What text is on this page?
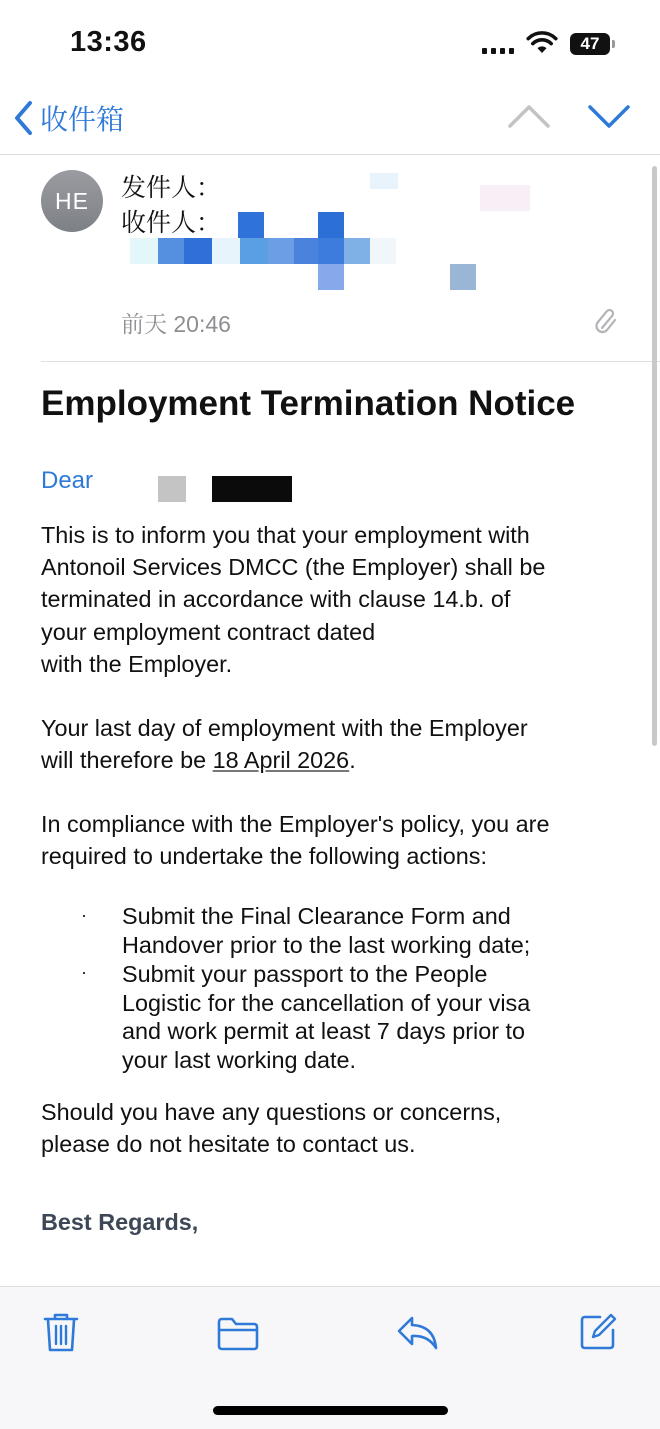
13:36	47
收件箱
HE	发件人：
收件人：
前天 20:46
Employment Termination Notice
Dear
This is to inform you that your employment with
Antonoil Services DMCC (the Employer) shall be
terminated in accordance with clause 14.b. of
your employment contract dated
with the Employer.
Your last day of employment with the Employer
will therefore be 18 April 2026.
In compliance with the Employer's policy, you are
required to undertake the following actions:
· Submit the Final Clearance Form and
Handover prior to the last working date;
· Submit your passport to the People
Logistic for the cancellation of your visa
and work permit at least 7 days prior to
your last working date.
Should you have any questions or concerns,
please do not hesitate to contact us.
Best Regards,
